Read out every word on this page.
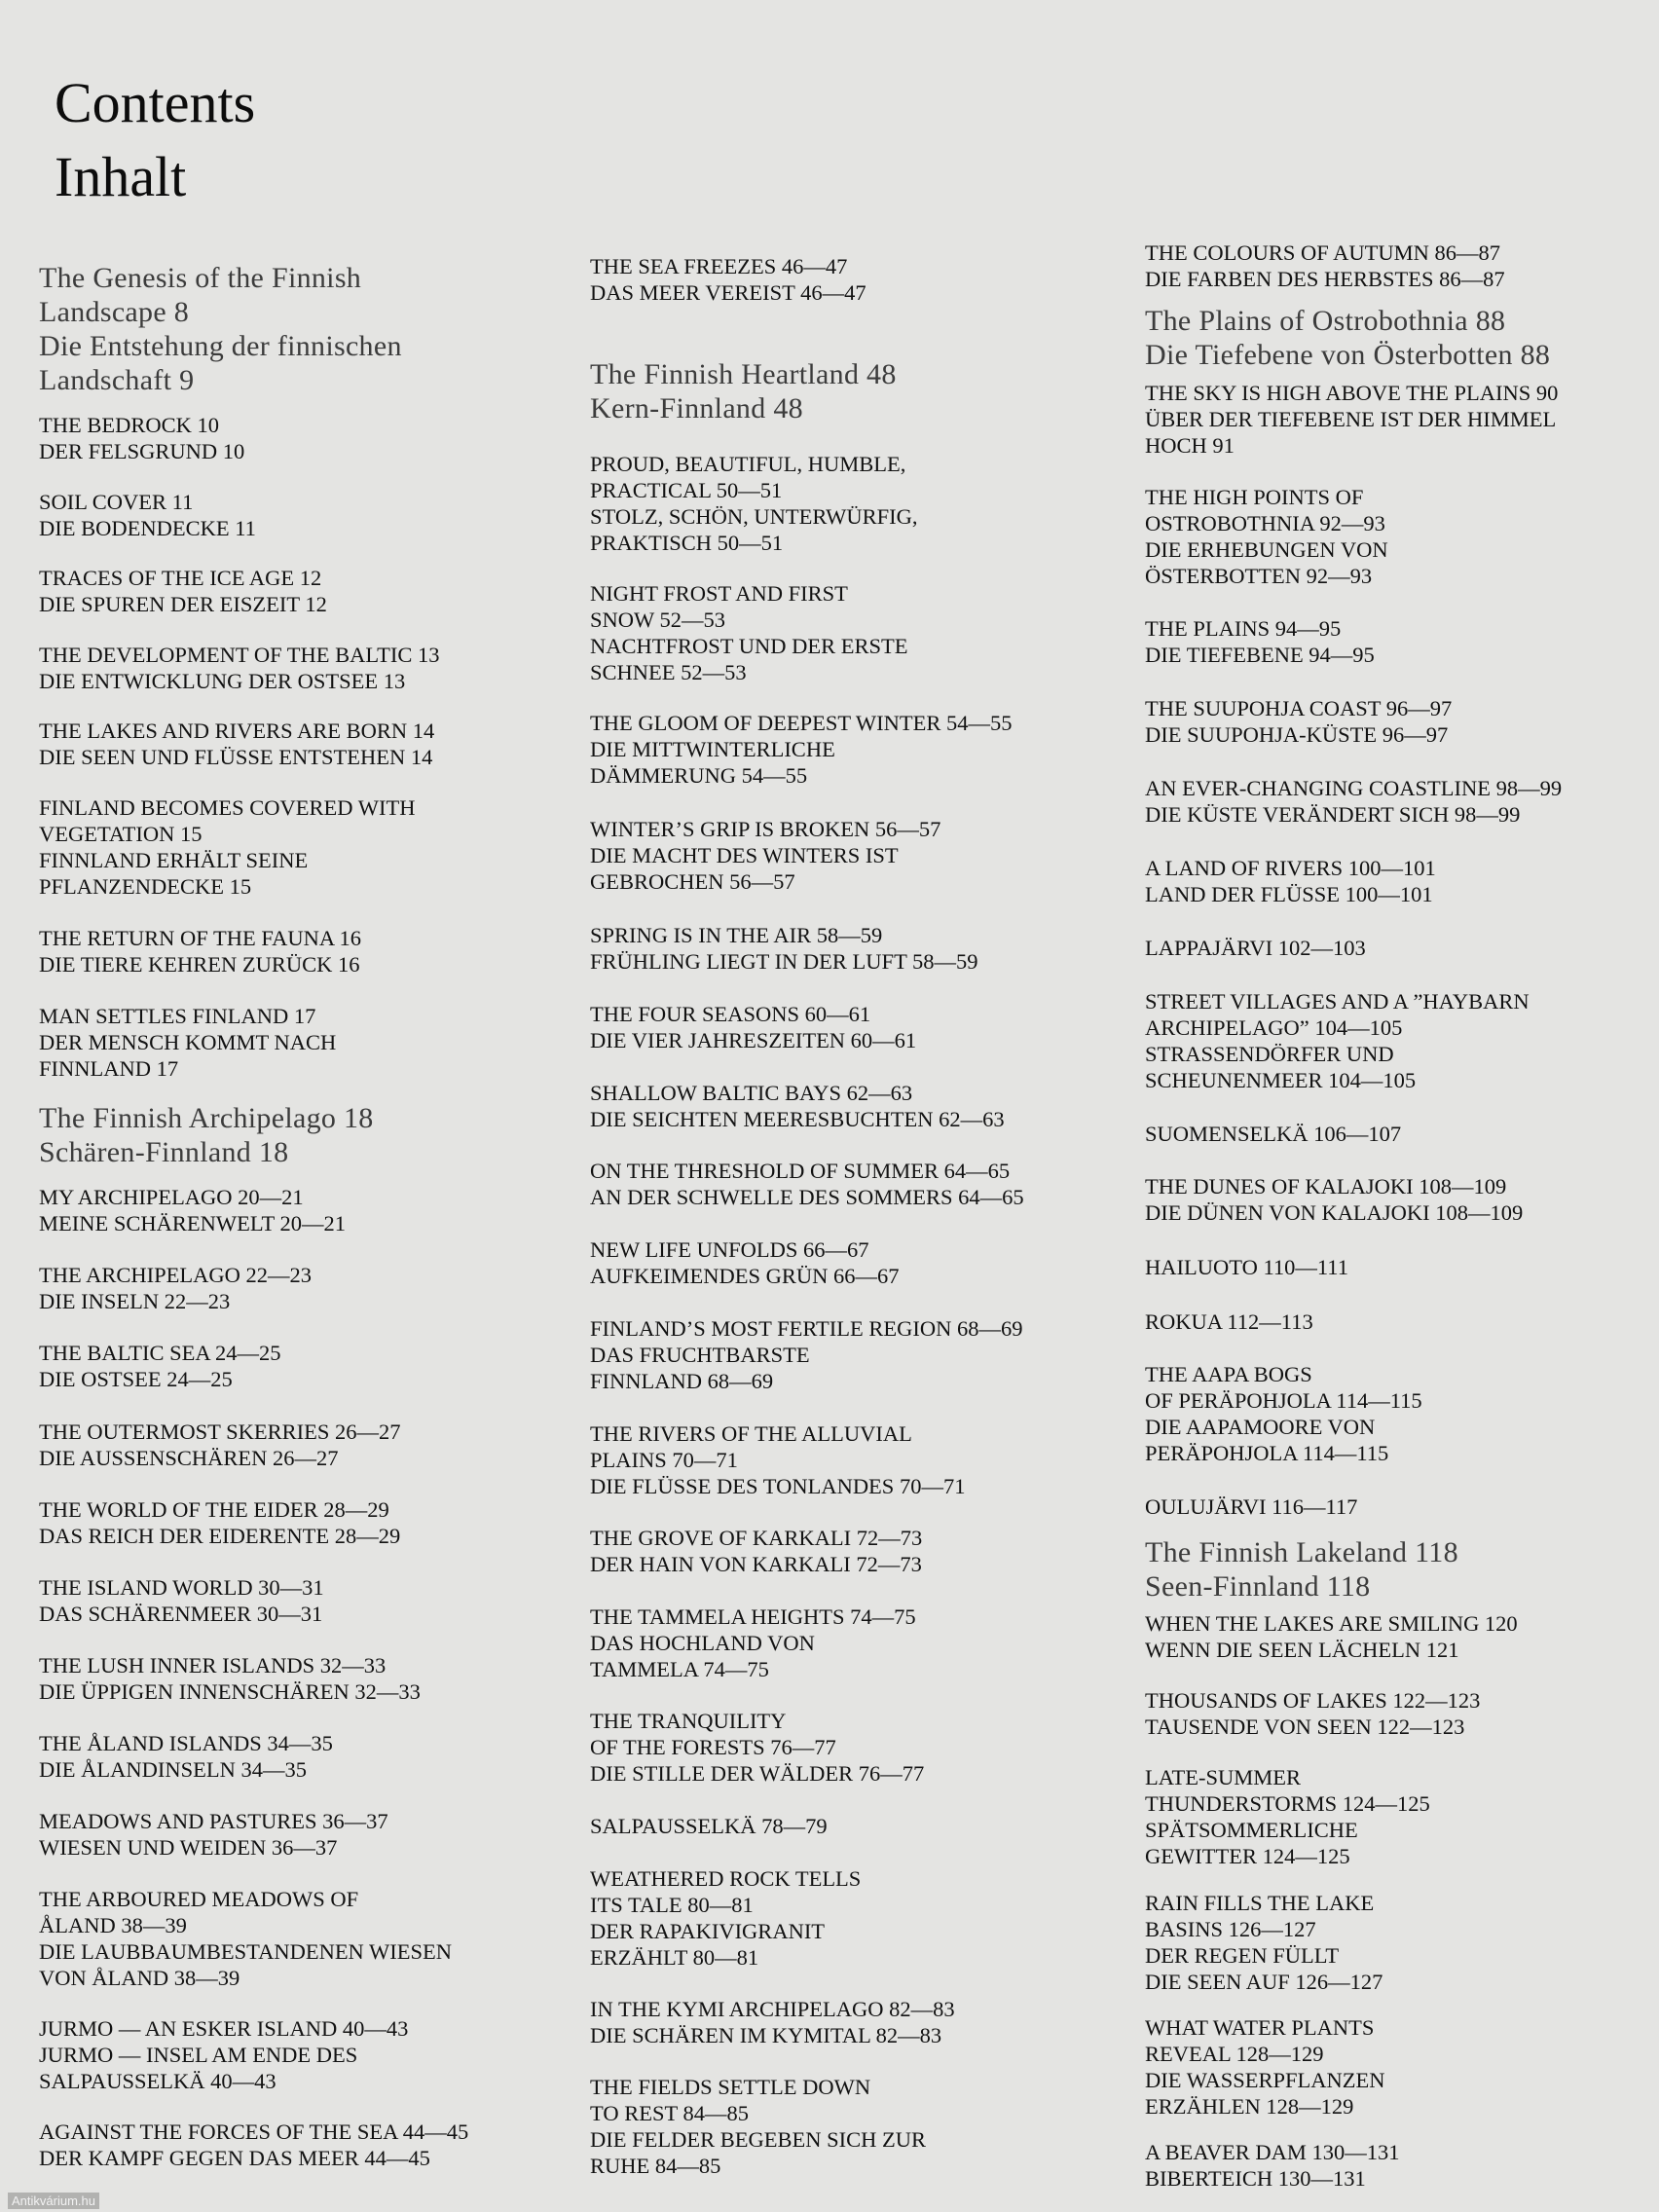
Contents
Inhalt
The Genesis of the Finnish
Landscape 8
Die Entstehung der finnischen
Landschaft 9
THE BEDROCK 10
DER FELSGRUND 10
SOIL COVER 11
DIE BODENDECKE 11
TRACES OF THE ICE AGE 12
DIE SPUREN DER EISZEIT 12
THE DEVELOPMENT OF THE BALTIC 13
DIE ENTWICKLUNG DER OSTSEE 13
THE LAKES AND RIVERS ARE BORN 14
DIE SEEN UND FLÜSSE ENTSTEHEN 14
FINLAND BECOMES COVERED WITH
VEGETATION 15
FINNLAND ERHÄLT SEINE
PFLANZENDECKE 15
THE RETURN OF THE FAUNA 16
DIE TIERE KEHREN ZURÜCK 16
MAN SETTLES FINLAND 17
DER MENSCH KOMMT NACH
FINNLAND 17
The Finnish Archipelago 18
Schären-Finnland 18
MY ARCHIPELAGO 20—21
MEINE SCHÄRENWELT 20—21
THE ARCHIPELAGO 22—23
DIE INSELN 22—23
THE BALTIC SEA 24—25
DIE OSTSEE 24—25
THE OUTERMOST SKERRIES 26—27
DIE AUSSENSCHÄREN 26—27
THE WORLD OF THE EIDER 28—29
DAS REICH DER EIDERENTE 28—29
THE ISLAND WORLD 30—31
DAS SCHÄRENMEER 30—31
THE LUSH INNER ISLANDS 32—33
DIE ÜPPIGEN INNENSCHÄREN 32—33
THE ÅLAND ISLANDS 34—35
DIE ÅLANDINSELN 34—35
MEADOWS AND PASTURES 36—37
WIESEN UND WEIDEN 36—37
THE ARBOURED MEADOWS OF
ÅLAND 38—39
DIE LAUBBAUMBESTANDENEN WIESEN
VON ÅLAND 38—39
JURMO — AN ESKER ISLAND 40—43
JURMO — INSEL AM ENDE DES
SALPAUSSELKÄ 40—43
AGAINST THE FORCES OF THE SEA 44—45
DER KAMPF GEGEN DAS MEER 44—45
THE SEA FREEZES 46—47
DAS MEER VEREIST 46—47
The Finnish Heartland 48
Kern-Finnland 48
PROUD, BEAUTIFUL, HUMBLE,
PRACTICAL 50—51
STOLZ, SCHÖN, UNTERWÜRFIG,
PRAKTISCH 50—51
NIGHT FROST AND FIRST
SNOW 52—53
NACHTFROST UND DER ERSTE
SCHNEE 52—53
THE GLOOM OF DEEPEST WINTER 54—55
DIE MITTWINTERLICHE
DÄMMERUNG 54—55
WINTER’S GRIP IS BROKEN 56—57
DIE MACHT DES WINTERS IST
GEBROCHEN 56—57
SPRING IS IN THE AIR 58—59
FRÜHLING LIEGT IN DER LUFT 58—59
THE FOUR SEASONS 60—61
DIE VIER JAHRESZEITEN 60—61
SHALLOW BALTIC BAYS 62—63
DIE SEICHTEN MEERESBUCHTEN 62—63
ON THE THRESHOLD OF SUMMER 64—65
AN DER SCHWELLE DES SOMMERS 64—65
NEW LIFE UNFOLDS 66—67
AUFKEIMENDES GRÜN 66—67
FINLAND’S MOST FERTILE REGION 68—69
DAS FRUCHTBARSTE
FINNLAND 68—69
THE RIVERS OF THE ALLUVIAL
PLAINS 70—71
DIE FLÜSSE DES TONLANDES 70—71
THE GROVE OF KARKALI 72—73
DER HAIN VON KARKALI 72—73
THE TAMMELA HEIGHTS 74—75
DAS HOCHLAND VON
TAMMELA 74—75
THE TRANQUILITY
OF THE FORESTS 76—77
DIE STILLE DER WÄLDER 76—77
SALPAUSSELKÄ 78—79
WEATHERED ROCK TELLS
ITS TALE 80—81
DER RAPAKIVIGRANIT
ERZÄHLT 80—81
IN THE KYMI ARCHIPELAGO 82—83
DIE SCHÄREN IM KYMITAL 82—83
THE FIELDS SETTLE DOWN
TO REST 84—85
DIE FELDER BEGEBEN SICH ZUR
RUHE 84—85
THE COLOURS OF AUTUMN 86—87
DIE FARBEN DES HERBSTES 86—87
The Plains of Ostrobothnia 88
Die Tiefebene von Österbotten 88
THE SKY IS HIGH ABOVE THE PLAINS 90
ÜBER DER TIEFEBENE IST DER HIMMEL
HOCH 91
THE HIGH POINTS OF
OSTROBOTHNIA 92—93
DIE ERHEBUNGEN VON
ÖSTERBOTTEN 92—93
THE PLAINS 94—95
DIE TIEFEBENE 94—95
THE SUUPOHJA COAST 96—97
DIE SUUPOHJA-KÜSTE 96—97
AN EVER-CHANGING COASTLINE 98—99
DIE KÜSTE VERÄNDERT SICH 98—99
A LAND OF RIVERS 100—101
LAND DER FLÜSSE 100—101
LAPPAJÄRVI 102—103
STREET VILLAGES AND A ”HAYBARN
ARCHIPELAGO” 104—105
STRASSENDÖRFER UND
SCHEUNENMEER 104—105
SUOMENSELKÄ 106—107
THE DUNES OF KALAJOKI 108—109
DIE DÜNEN VON KALAJOKI 108—109
HAILUOTO 110—111
ROKUA 112—113
THE AAPA BOGS
OF PERÄPOHJOLA 114—115
DIE AAPAMOORE VON
PERÄPOHJOLA 114—115
OULUJÄRVI 116—117
The Finnish Lakeland 118
Seen-Finnland 118
WHEN THE LAKES ARE SMILING 120
WENN DIE SEEN LÄCHELN 121
THOUSANDS OF LAKES 122—123
TAUSENDE VON SEEN 122—123
LATE-SUMMER
THUNDERSTORMS 124—125
SPÄTSOMMERLICHE
GEWITTER 124—125
RAIN FILLS THE LAKE
BASINS 126—127
DER REGEN FÜLLT
DIE SEEN AUF 126—127
WHAT WATER PLANTS
REVEAL 128—129
DIE WASSERPFLANZEN
ERZÄHLEN 128—129
A BEAVER DAM 130—131
BIBERTEICH 130—131
Antikvárium.hu
